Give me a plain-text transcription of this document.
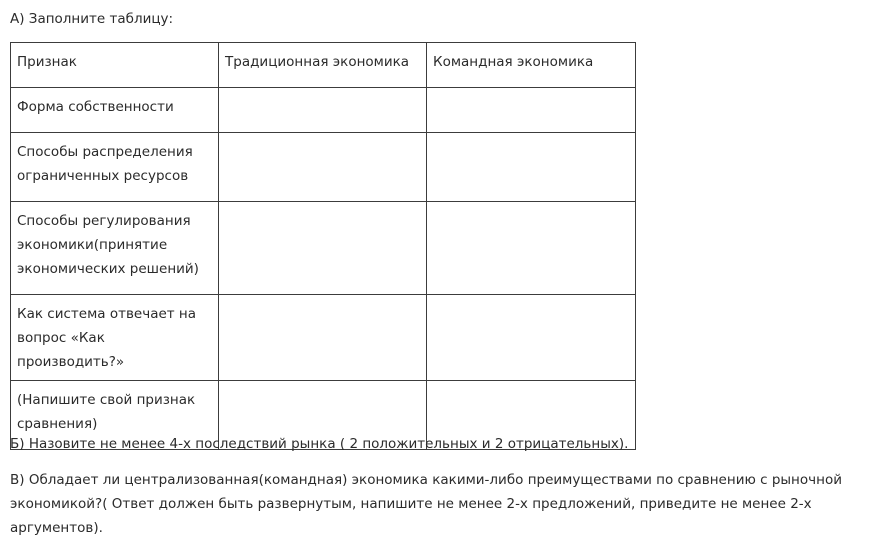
А) Заполните таблицу:
Признак	Традиционная экономика	Командная экономика
Форма собственности		
Способы распределения ограниченных ресурсов		
Способы регулирования экономики(принятие экономических решений)		
Как система отвечает на вопрос «Как производить?»		
(Напишите свой признак сравнения)		
Б) Назовите не менее 4-х последствий рынка ( 2 положительных и 2 отрицательных).
В) Обладает ли централизованная(командная) экономика какими-либо преимуществами по сравнению с рыночной экономикой?( Ответ должен быть развернутым, напишите не менее 2-х предложений, приведите не менее 2-х аргументов).
